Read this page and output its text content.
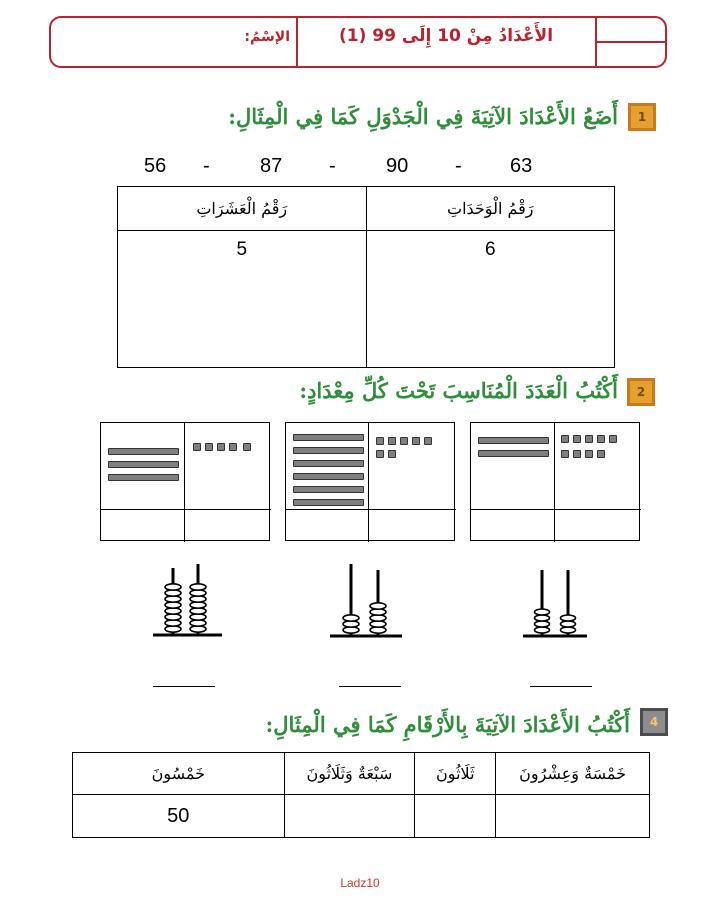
الأَعْدَادُ مِنْ 10 إِلَى 99 (1)
الإسْمُ:
1
أَضَعُ الأَعْدَادَ الآتِيَةَ فِي الْجَدْوَلِ كَمَا فِي الْمِثَالِ:
63
-
90
-
87
-
56
رَقْمُ الْعَشَرَاتِ	رَقْمُ الْوَحَدَاتِ
5	6
2
أَكْتُبُ الْعَدَدَ الْمُنَاسِبَ تَحْتَ كُلِّ مِعْدَادٍ:
4
أَكْتُبُ الأَعْدَادَ الآتِيَةَ بِالأَرْقَامِ كَمَا فِي الْمِثَالِ:
خَمْسُونَ	سَبْعَةٌ وَثَلَاثُونَ	ثَلَاثُونَ	خَمْسَةٌ وَعِشْرُونَ
50			
Ladz10
